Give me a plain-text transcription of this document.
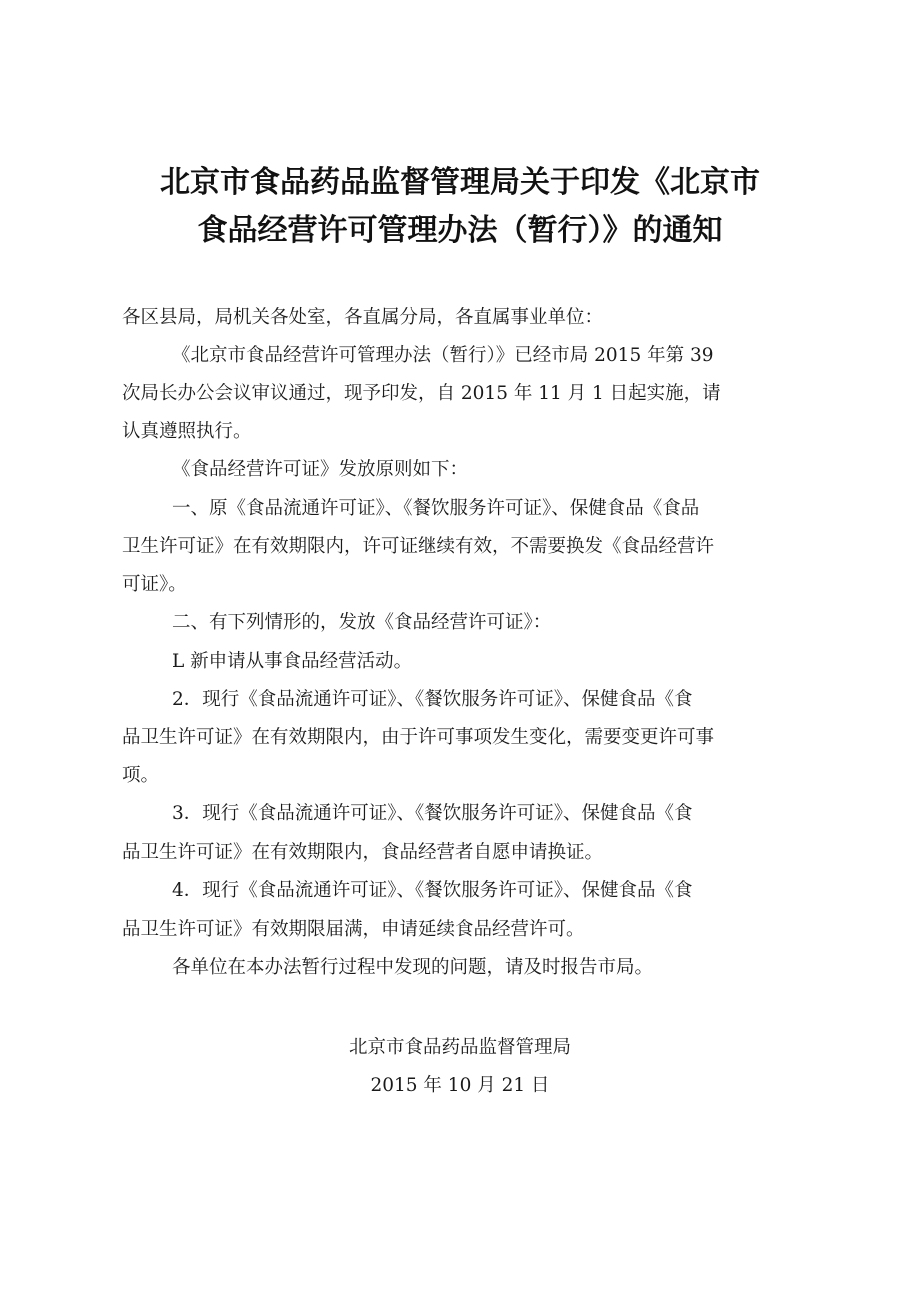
北京市食品药品监督管理局关于印发《北京市
食品经营许可管理办法（暂行）》的通知
各区县局，局机关各处室，各直属分局，各直属事业单位：
《北京市食品经营许可管理办法（暂行）》已经市局 2015 年第 39
次局长办公会议审议通过，现予印发，自 2015 年 11 月 1 日起实施，请
认真遵照执行。
《食品经营许可证》发放原则如下：
一、原《食品流通许可证》、《餐饮服务许可证》、保健食品《食品
卫生许可证》在有效期限内，许可证继续有效，不需要换发《食品经营许
可证》。
二、有下列情形的，发放《食品经营许可证》：
L 新申请从事食品经营活动。
2．现行《食品流通许可证》、《餐饮服务许可证》、保健食品《食
品卫生许可证》在有效期限内，由于许可事项发生变化，需要变更许可事
项。
3．现行《食品流通许可证》、《餐饮服务许可证》、保健食品《食
品卫生许可证》在有效期限内，食品经营者自愿申请换证。
4．现行《食品流通许可证》、《餐饮服务许可证》、保健食品《食
品卫生许可证》有效期限届满，申请延续食品经营许可。
各单位在本办法暂行过程中发现的问题，请及时报告市局。
北京市食品药品监督管理局
2015 年 10 月 21 日
